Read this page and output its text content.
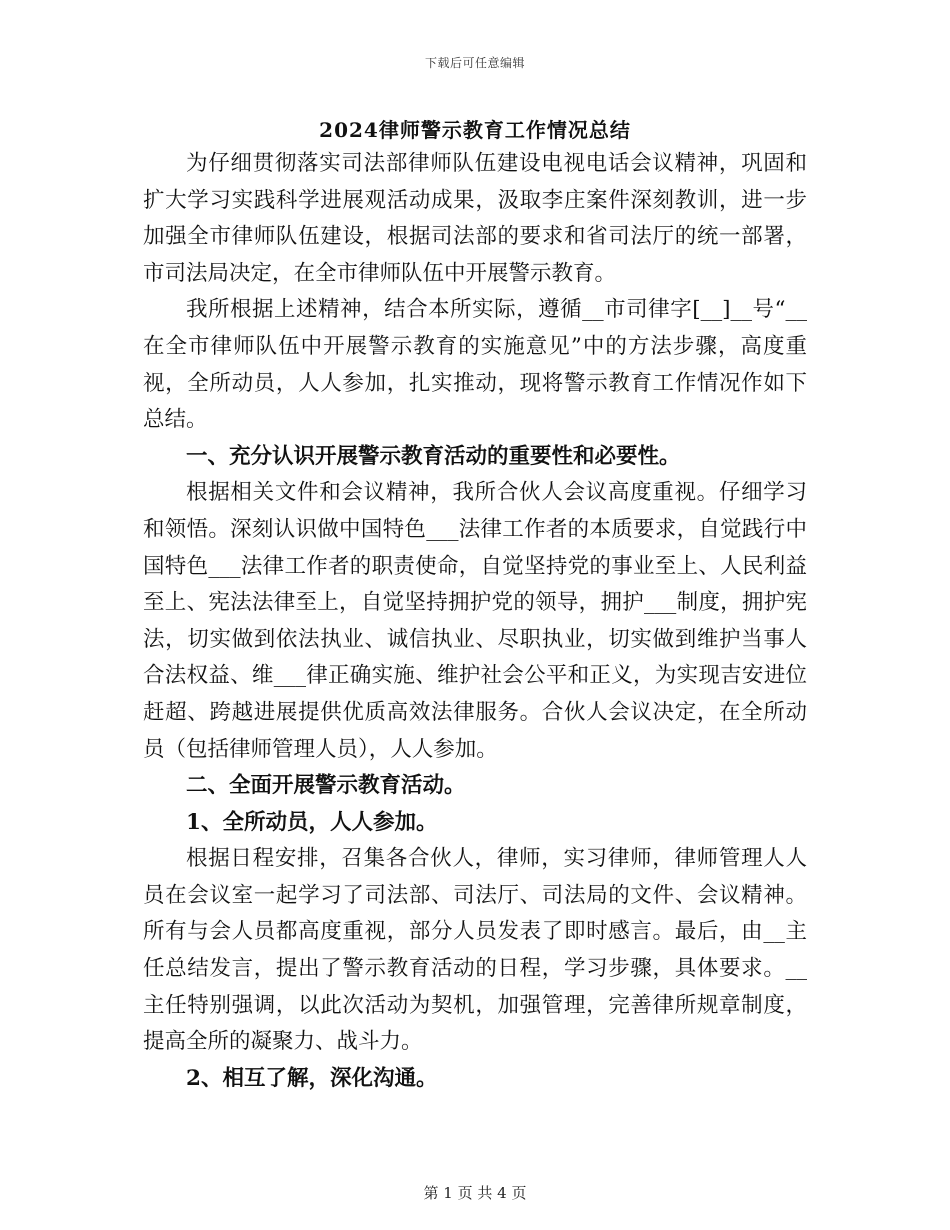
下载后可任意编辑
2024律师警示教育工作情况总结

为仔细贯彻落实司法部律师队伍建设电视电话会议精神，巩固和扩大学习实践科学进展观活动成果，汲取李庄案件深刻教训，进一步加强全市律师队伍建设，根据司法部的要求和省司法厅的统一部署，市司法局决定，在全市律师队伍中开展警示教育。

我所根据上述精神，结合本所实际，遵循__市司律字[__]__号“__在全市律师队伍中开展警示教育的实施意见”中的方法步骤，高度重视，全所动员，人人参加，扎实推动，现将警示教育工作情况作如下总结。

一、充分认识开展警示教育活动的重要性和必要性。

根据相关文件和会议精神，我所合伙人会议高度重视。仔细学习和领悟。深刻认识做中国特色___法律工作者的本质要求，自觉践行中国特色___法律工作者的职责使命，自觉坚持党的事业至上、人民利益至上、宪法法律至上，自觉坚持拥护党的领导，拥护___制度，拥护宪法，切实做到依法执业、诚信执业、尽职执业，切实做到维护当事人合法权益、维___律正确实施、维护社会公平和正义，为实现吉安进位赶超、跨越进展提供优质高效法律服务。合伙人会议决定，在全所动员（包括律师管理人员），人人参加。

二、全面开展警示教育活动。

1、全所动员，人人参加。

根据日程安排，召集各合伙人，律师，实习律师，律师管理人人员在会议室一起学习了司法部、司法厅、司法局的文件、会议精神。所有与会人员都高度重视，部分人员发表了即时感言。最后，由__主任总结发言，提出了警示教育活动的日程，学习步骤，具体要求。__主任特别强调，以此次活动为契机，加强管理，完善律所规章制度，提高全所的凝聚力、战斗力。

2、相互了解，深化沟通。

第 1 页 共 4 页
